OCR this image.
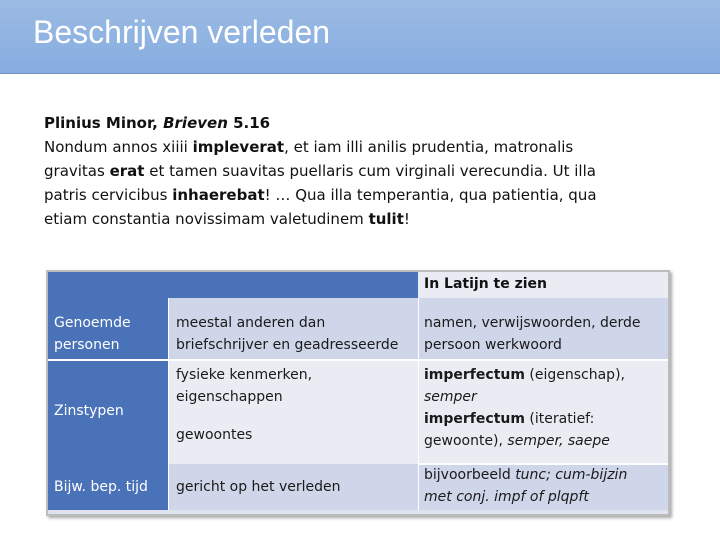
Beschrijven verleden
Plinius Minor, Brieven 5.16
Nondum annos xiiii impleverat, et iam illi anilis prudentia, matronalis
gravitas erat et tamen suavitas puellaris cum virginali verecundia. Ut illa
patris cervicibus inhaerebat! … Qua illa temperantia, qua patientia, qua
etiam constantia novissimam valetudinem tulit!
In Latijn te zien
Genoemde personen
meestal anderen dan briefschrijver en geadresseerde
namen, verwijswoorden, derde persoon werkwoord
Zinstypen
fysieke kenmerken, eigenschappen
gewoontes
imperfectum (eigenschap),
semper
imperfectum (iteratief:
gewoonte), semper, saepe
Bijw. bep. tijd	gericht op het verleden
bijvoorbeeld tunc; cum-bijzin
met conj. impf of plqpft
